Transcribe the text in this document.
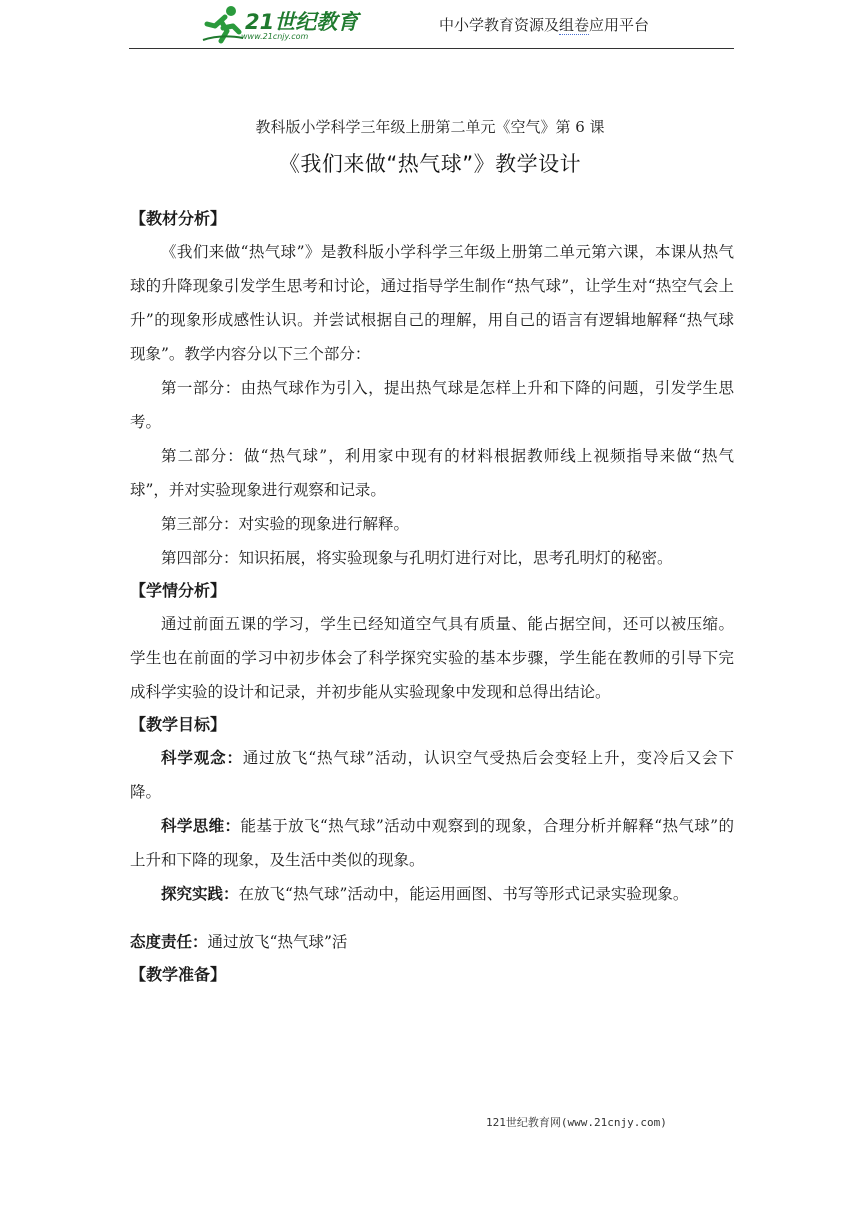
21世纪教育
www.21cnjy.com
中小学教育资源及组卷应用平台
教科版小学科学三年级上册第二单元《空气》第 6 课
《我们来做“热气球”》教学设计

【教材分析】

《我们来做“热气球”》是教科版小学科学三年级上册第二单元第六课，本课从热气球的升降现象引发学生思考和讨论，通过指导学生制作“热气球”，让学生对“热空气会上升”的现象形成感性认识。并尝试根据自己的理解，用自己的语言有逻辑地解释“热气球现象”。教学内容分以下三个部分：

第一部分：由热气球作为引入，提出热气球是怎样上升和下降的问题，引发学生思考。

第二部分：做“热气球”，利用家中现有的材料根据教师线上视频指导来做“热气球”，并对实验现象进行观察和记录。

第三部分：对实验的现象进行解释。

第四部分：知识拓展，将实验现象与孔明灯进行对比，思考孔明灯的秘密。

【学情分析】

通过前面五课的学习，学生已经知道空气具有质量、能占据空间，还可以被压缩。学生也在前面的学习中初步体会了科学探究实验的基本步骤，学生能在教师的引导下完成科学实验的设计和记录，并初步能从实验现象中发现和总得出结论。

【教学目标】

科学观念：通过放飞“热气球”活动，认识空气受热后会变轻上升，变冷后又会下降。

科学思维：能基于放飞“热气球”活动中观察到的现象，合理分析并解释“热气球”的上升和下降的现象，及生活中类似的现象。

探究实践：在放飞“热气球”活动中，能运用画图、书写等形式记录实验现象。

态度责任：通过放飞“热气球”活

【教学准备】

121世纪教育网(www.21cnjy.com)
